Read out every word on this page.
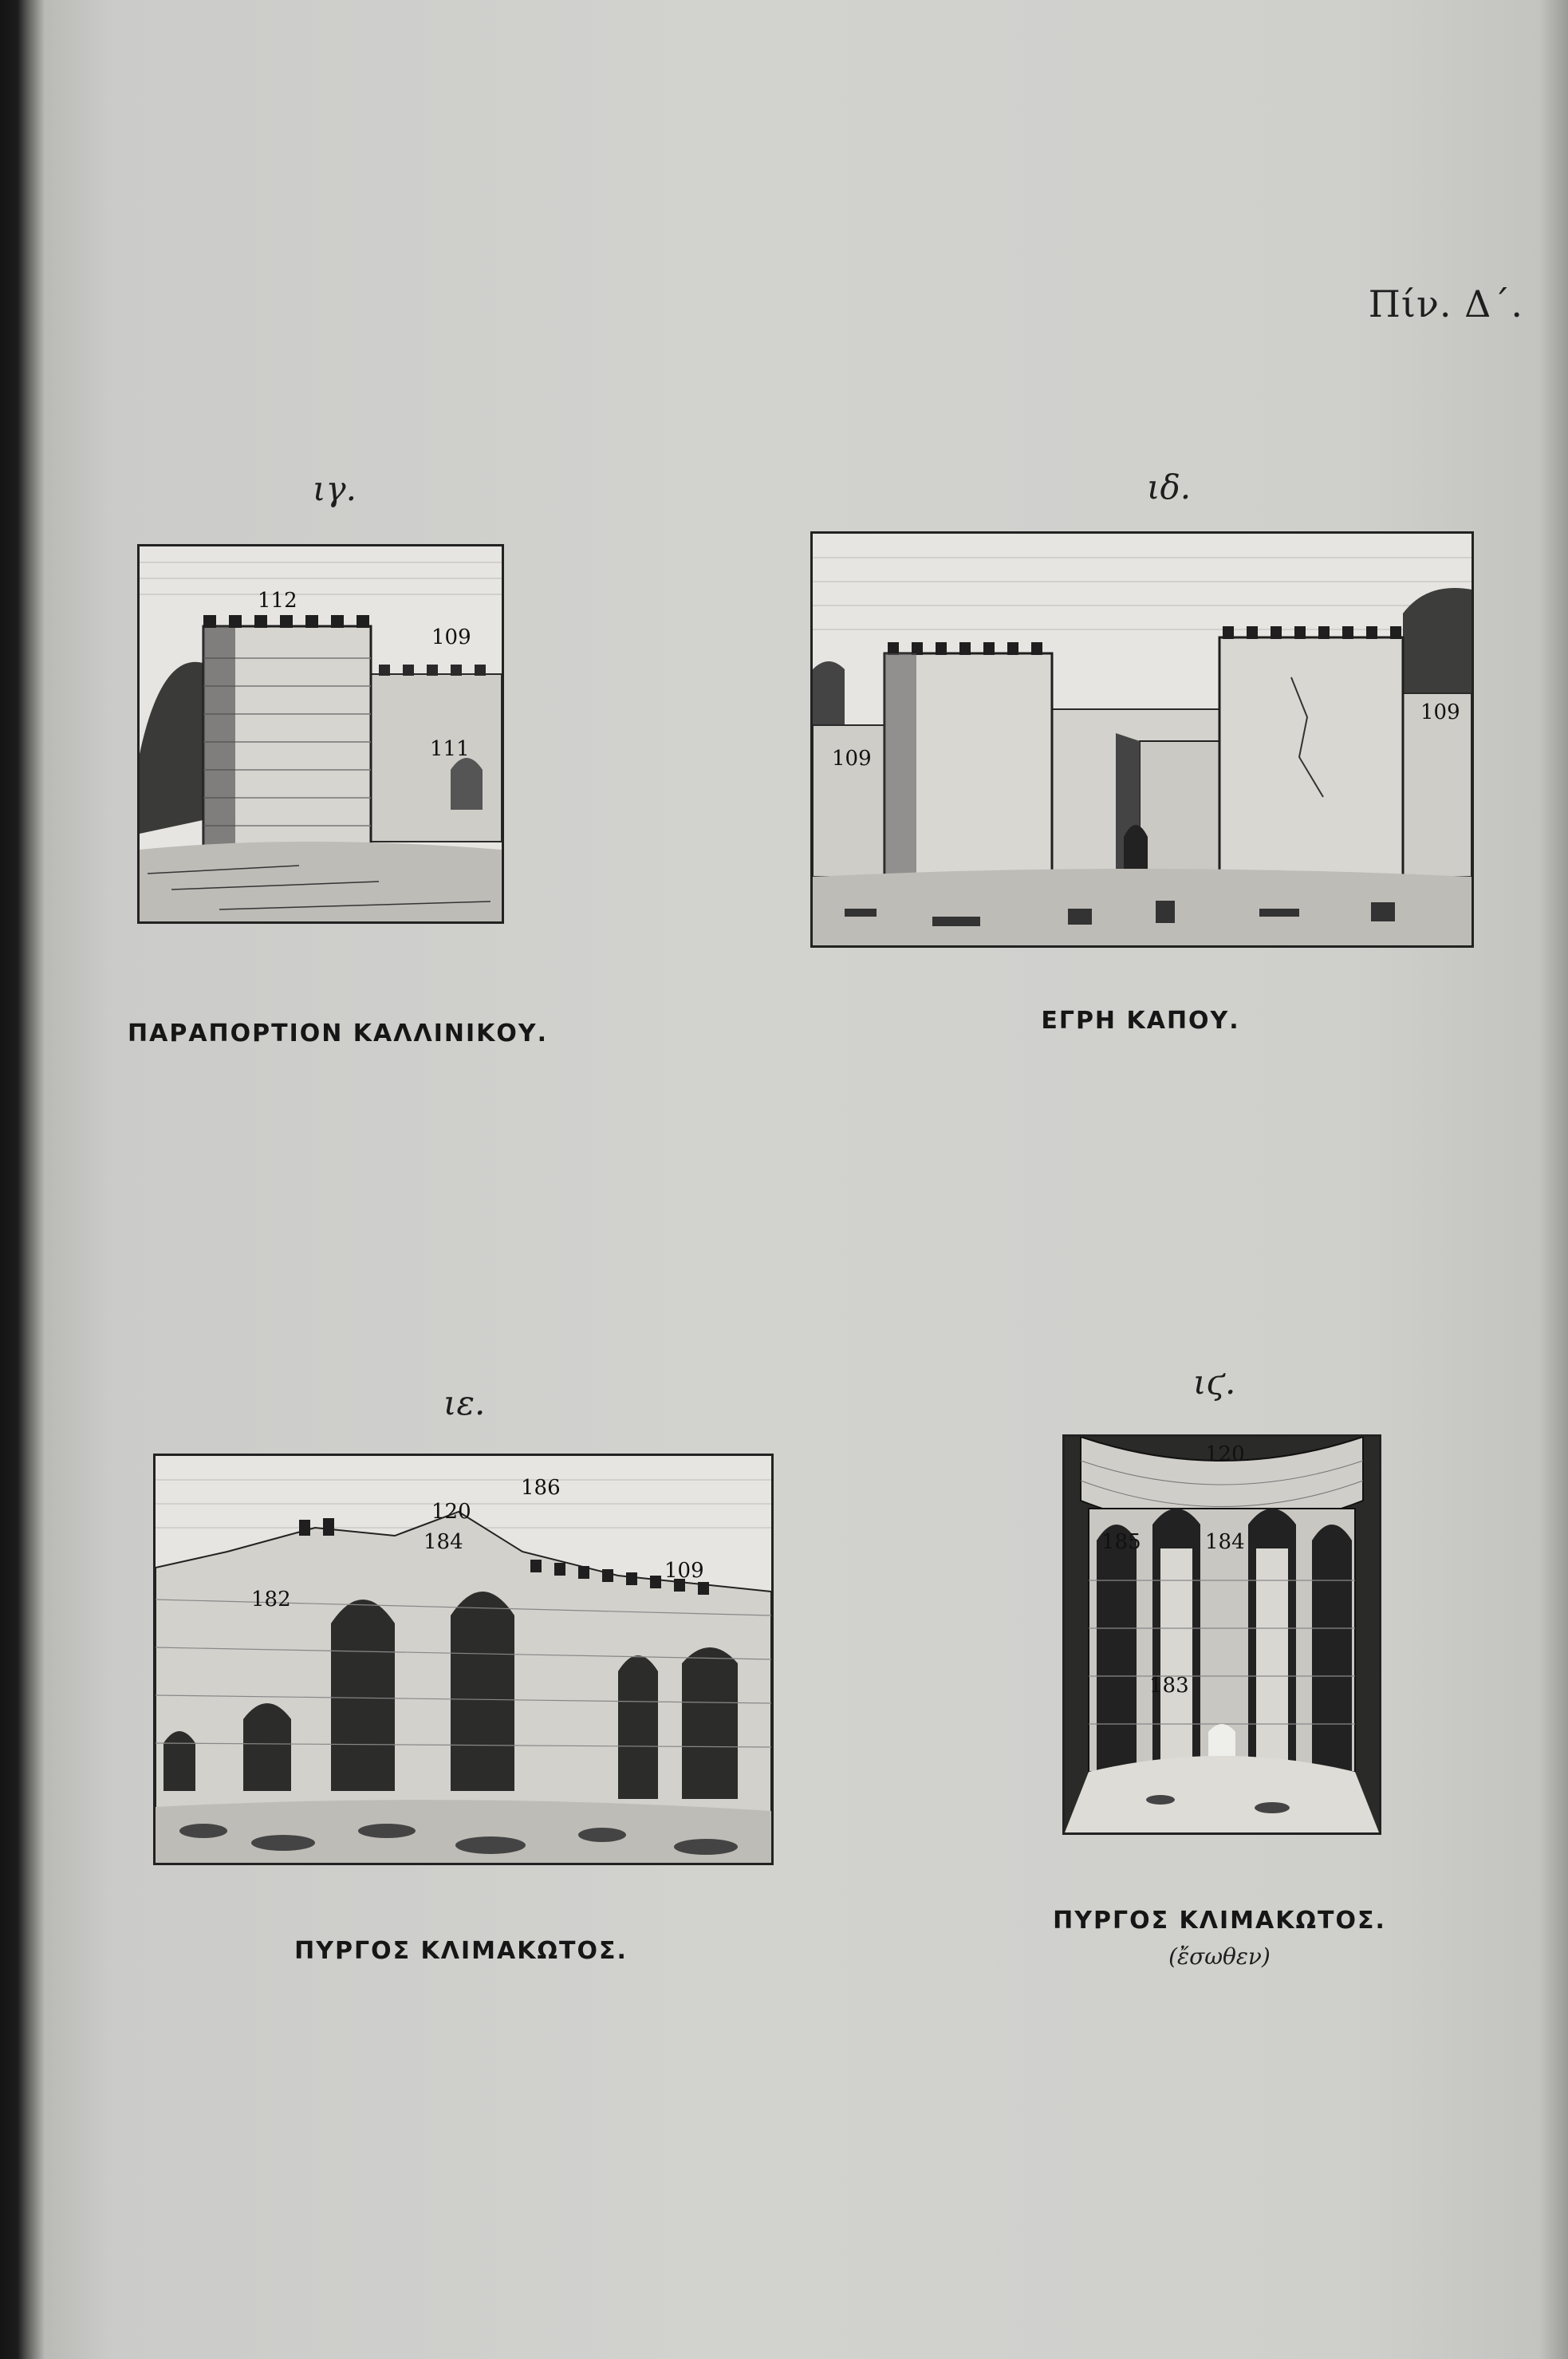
Πίν. Δ΄.
ιγ.
112
109
111
ΠΑΡΑΠΟΡΤΙΟΝ ΚΑΛΛΙΝΙΚΟΥ.
ιδ.
109
109
ΕΓΡΗ ΚΑΠΟΥ.
ιε.
186
120
184
109
182
ΠΥΡΓΟΣ ΚΛΙΜΑΚΩΤΟΣ.
ιϛ.
120
185	184
183
ΠΥΡΓΟΣ ΚΛΙΜΑΚΩΤΟΣ.
(ἔσωθεν)
